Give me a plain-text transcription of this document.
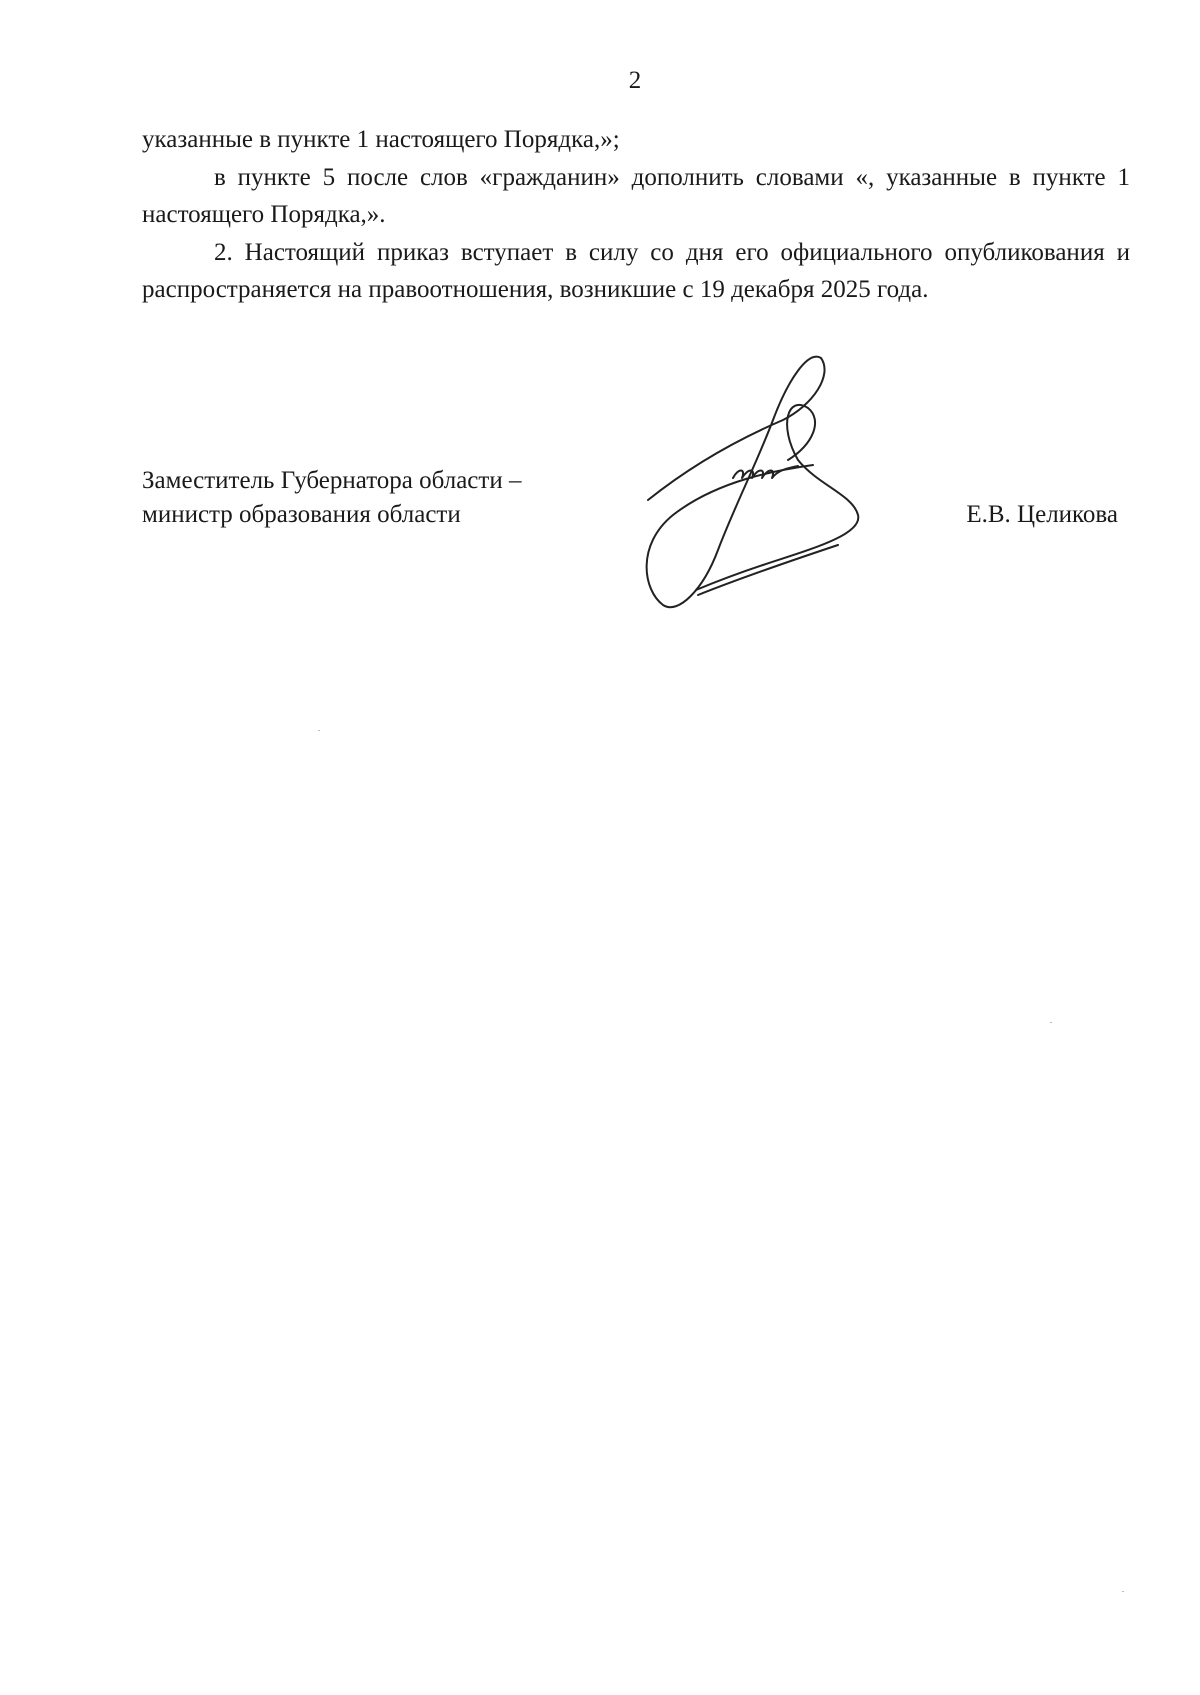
2

указанные в пункте 1 настоящего Порядка,»;

в пункте 5 после слов «гражданин» дополнить словами «, указанные в пункте 1 настоящего Порядка,».

2. Настоящий приказ вступает в силу со дня его официального опубликования и распространяется на правоотношения, возникшие с 19 декабря 2025 года.

Заместитель Губернатора области –
министр образования области	Е.В. Целикова
